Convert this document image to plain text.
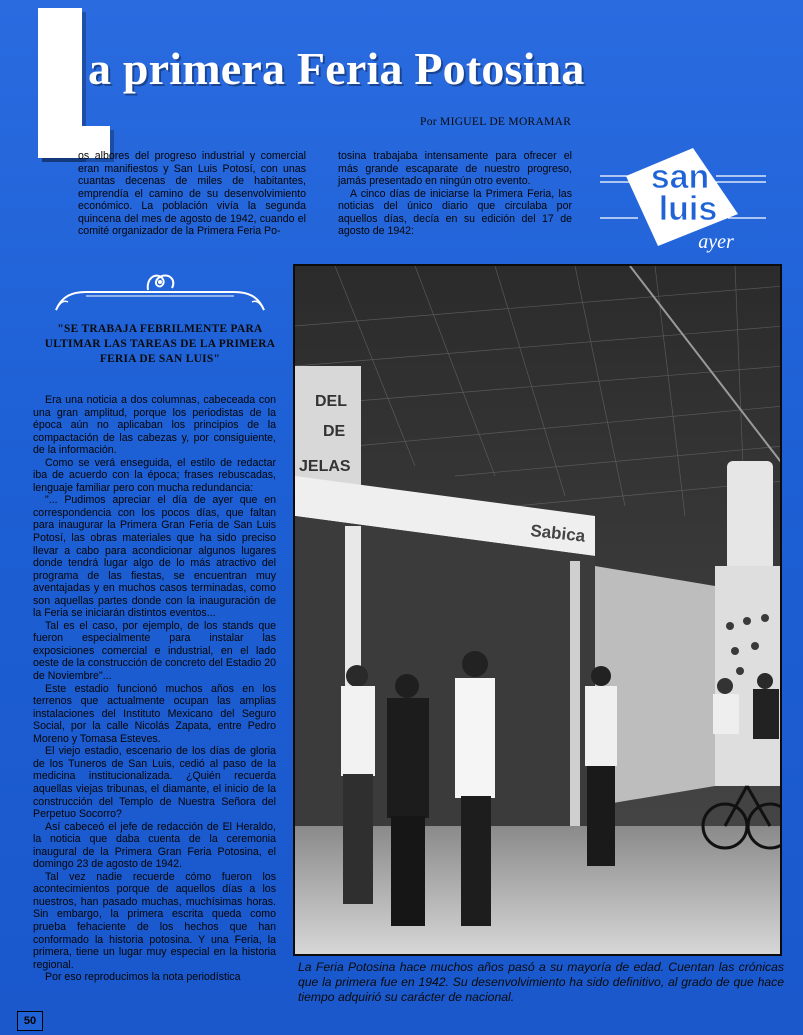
a primera Feria Potosina
Por MIGUEL DE MORAMAR

os albores del progreso industrial y comercial eran manifiestos y San Luis Potosí, con unas cuantas decenas de miles de habitantes, emprendía el camino de su desenvolvimiento económico. La población vivía la segunda quincena del mes de agosto de 1942, cuando el comité organizador de la Primera Feria Po-

tosina trabajaba intensamente para ofrecer el más grande escaparate de nuestro progreso, jamás presentado en ningún otro evento.

A cinco días de iniciarse la Primera Feria, las noticias del único diario que circulaba por aquellos días, decía en su edición del 17 de agosto de 1942:

san
luis
ayer
"SE TRABAJA FEBRILMENTE PARA ULTIMAR LAS TAREAS DE LA PRIMERA FERIA DE SAN LUIS"

Era una noticia a dos columnas, cabeceada con una gran amplitud, porque los periodistas de la época aún no aplicaban los principios de la compactación de las cabezas y, por consiguiente, de la información.

Como se verá enseguida, el estilo de redactar iba de acuerdo con la época; frases rebuscadas, lenguaje familiar pero con mucha redundancia:

"... Pudimos apreciar el día de ayer que en correspondencia con los pocos días, que faltan para inaugurar la Primera Gran Feria de San Luis Potosí, las obras materiales que ha sido preciso llevar a cabo para acondicionar algunos lugares donde tendrá lugar algo de lo más atractivo del programa de las fiestas, se encuentran muy aventajadas y en muchos casos terminadas, como son aquellas partes donde con la inauguración de la Feria se iniciarán distintos eventos...

Tal es el caso, por ejemplo, de los stands que fueron especialmente para instalar las exposiciones comercial e industrial, en el lado oeste de la construcción de concreto del Estadio 20 de Noviembre"...

Este estadio funcionó muchos años en los terrenos que actualmente ocupan las amplias instalaciones del Instituto Mexicano del Seguro Social, por la calle Nicolás Zapata, entre Pedro Moreno y Tomasa Esteves.

El viejo estadio, escenario de los días de gloria de los Tuneros de San Luis, cedió al paso de la medicina institucionalizada. ¿Quién recuerda aquellas viejas tribunas, el diamante, el inicio de la construcción del Templo de Nuestra Señora del Perpetuo Socorro?

Así cabeceó el jefe de redacción de El Heraldo, la noticia que daba cuenta de la ceremonia inaugural de la Primera Gran Feria Potosina, el domingo 23 de agosto de 1942.

Tal vez nadie recuerde cómo fueron los acontecimientos porque de aquellos días a los nuestros, han pasado muchas, muchísimas horas. Sin embargo, la primera escrita queda como prueba fehaciente de los hechos que han conformado la historia potosina. Y una Feria, la primera, tiene un lugar muy especial en la historia regional.

Por eso reproducimos la nota periodística

DEL
DE
JELAS
Sabica
La Feria Potosina hace muchos años pasó a su mayoría de edad. Cuentan las crónicas que la primera fue en 1942. Su desenvolvimiento ha sido definitivo, al grado de que hace tiempo adquirió su carácter de nacional.
50
